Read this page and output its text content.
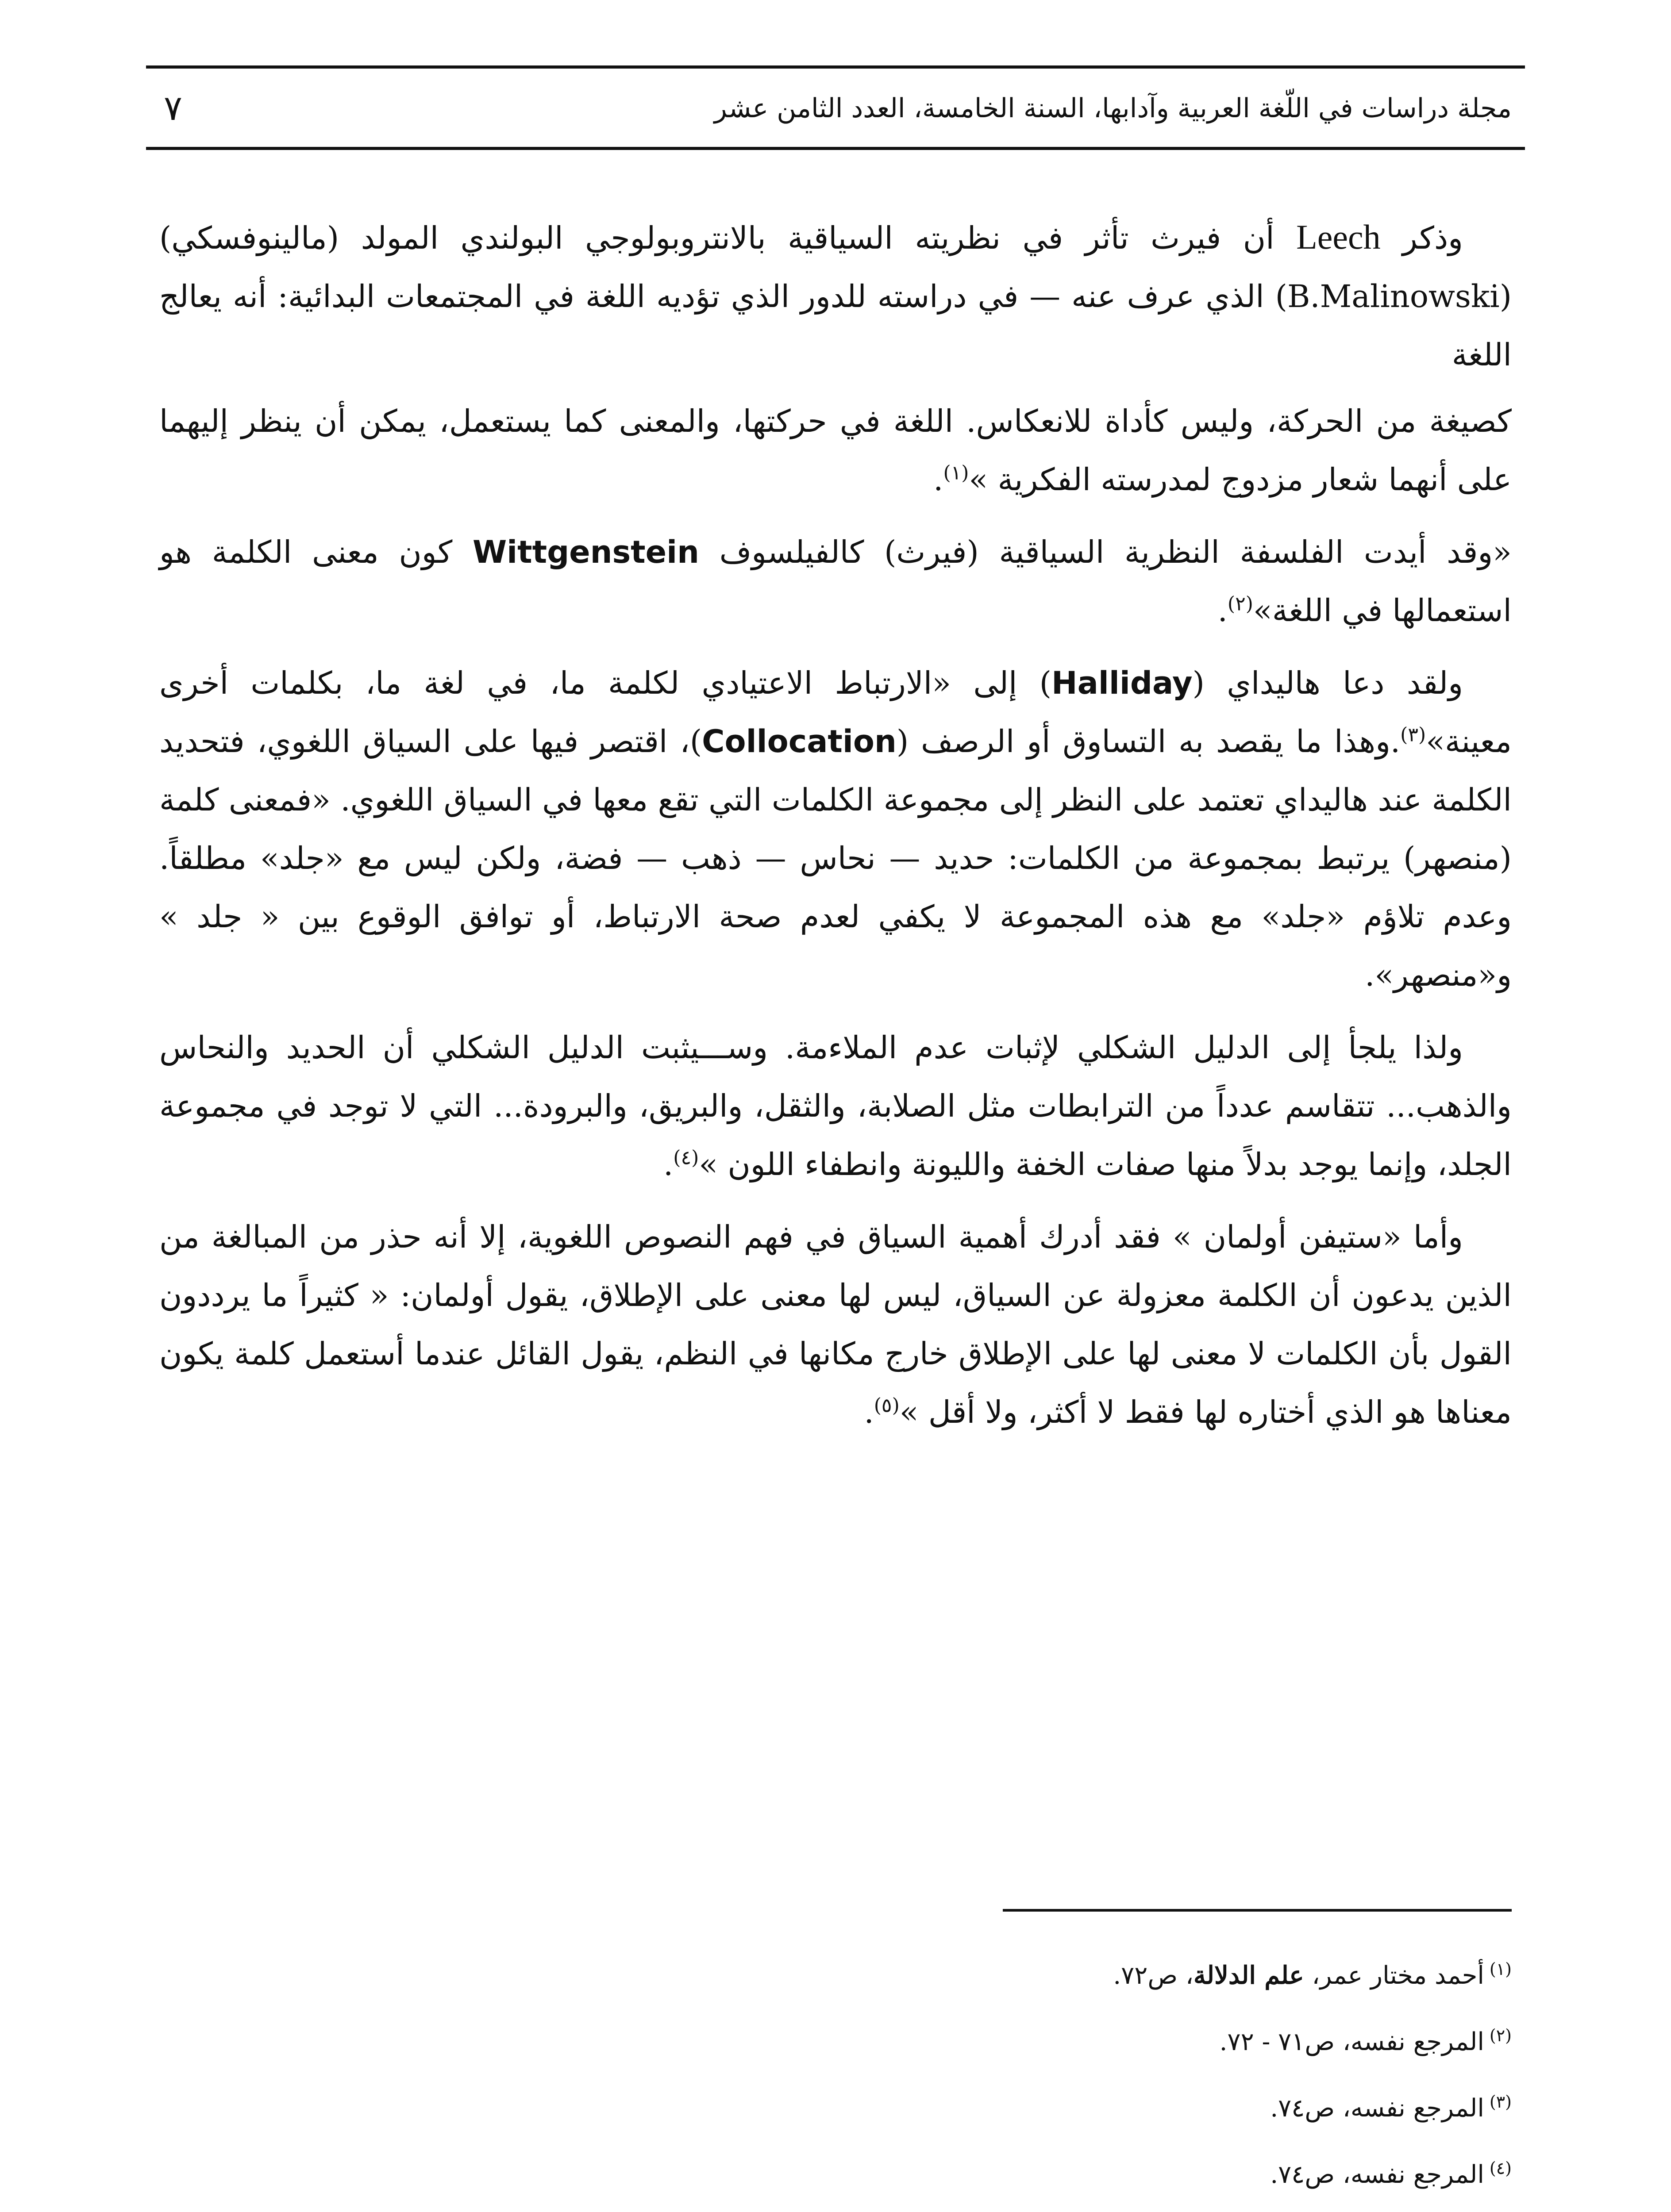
مجلة دراسات في اللّغة العربية وآدابها، السنة الخامسة، العدد الثامن عشر
٧

وذكر Leech أن فيرث تأثر في نظريته السياقية بالانتروبولوجي البولندي المولد (مالينوفسكي) (B.Malinowski) الذي عرف عنه — في دراسته للدور الذي تؤديه اللغة في المجتمعات البدائية: أنه يعالج اللغة

كصيغة من الحركة، وليس كأداة للانعكاس. اللغة في حركتها، والمعنى كما يستعمل، يمكن أن ينظر إليهما على أنهما شعار مزدوج لمدرسته الفكرية »$^{(١)}$.

«وقد أيدت الفلسفة النظرية السياقية (فيرث) كالفيلسوف Wittgenstein كون معنى الكلمة هو استعمالها في اللغة»$^{(٢)}$.

ولقد دعا هاليداي (Halliday) إلى «الارتباط الاعتيادي لكلمة ما، في لغة ما، بكلمات أخرى معينة»$^{(٣)}$.وهذا ما يقصد به التساوق أو الرصف (Collocation)، اقتصر فيها على السياق اللغوي، فتحديد الكلمة عند هاليداي تعتمد على النظر إلى مجموعة الكلمات التي تقع معها في السياق اللغوي. «فمعنى كلمة (منصهر) يرتبط بمجموعة من الكلمات: حديد — نحاس — ذهب — فضة، ولكن ليس مع «جلد» مطلقاً. وعدم تلاؤم «جلد» مع هذه المجموعة لا يكفي لعدم صحة الارتباط، أو توافق الوقوع بين « جلد » و«منصهر».

ولذا يلجأ إلى الدليل الشكلي لإثبات عدم الملاءمة. وســـيثبت الدليل الشكلي أن الحديد والنحاس والذهب... تتقاسم عدداً من الترابطات مثل الصلابة، والثقل، والبريق، والبرودة... التي لا توجد في مجموعة الجلد، وإنما يوجد بدلاً منها صفات الخفة والليونة وانطفاء اللون »$^{(٤)}$.

وأما «ستيفن أولمان » فقد أدرك أهمية السياق في فهم النصوص اللغوية، إلا أنه حذر من المبالغة من الذين يدعون أن الكلمة معزولة عن السياق، ليس لها معنى على الإطلاق، يقول أولمان: « كثيراً ما يرددون القول بأن الكلمات لا معنى لها على الإطلاق خارج مكانها في النظم، يقول القائل عندما أستعمل كلمة يكون معناها هو الذي أختاره لها فقط لا أكثر، ولا أقل »$^{(٥)}$.

$^{(١)}$أحمد مختار عمر، علم الدلالة، ص٧٢.

$^{(٢)}$المرجع نفسه، ص٧١ - ٧٢.

$^{(٣)}$المرجع نفسه، ص٧٤.

$^{(٤)}$المرجع نفسه، ص٧٤.
